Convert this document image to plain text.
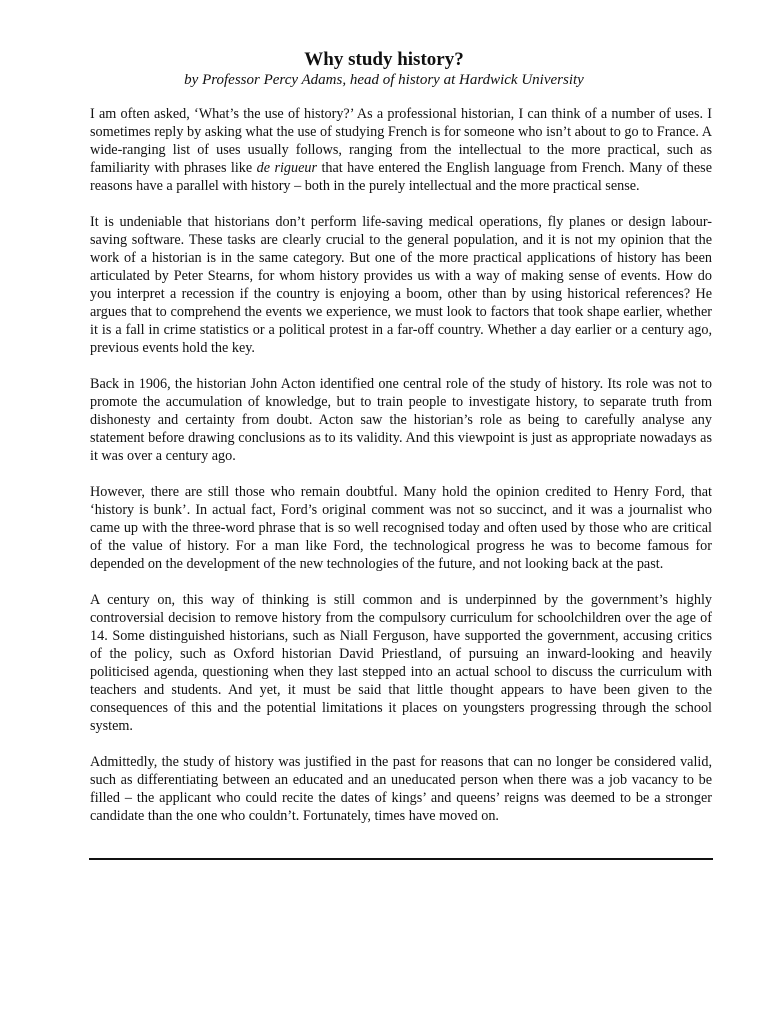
Why study history?
by Professor Percy Adams, head of history at Hardwick University

I am often asked, ‘What’s the use of history?’ As a professional historian, I can think of a number of uses. I sometimes reply by asking what the use of studying French is for someone who isn’t about to go to France. A wide-ranging list of uses usually follows, ranging from the intellectual to the more practical, such as familiarity with phrases like de rigueur that have entered the English language from French. Many of these reasons have a parallel with history – both in the purely intellectual and the more practical sense.

It is undeniable that historians don’t perform life-saving medical operations, fly planes or design labour-saving software. These tasks are clearly crucial to the general population, and it is not my opinion that the work of a historian is in the same category. But one of the more practical applications of history has been articulated by Peter Stearns, for whom history provides us with a way of making sense of events. How do you interpret a recession if the country is enjoying a boom, other than by using historical references? He argues that to comprehend the events we experience, we must look to factors that took shape earlier, whether it is a fall in crime statistics or a political protest in a far-off country. Whether a day earlier or a century ago, previous events hold the key.

Back in 1906, the historian John Acton identified one central role of the study of history. Its role was not to promote the accumulation of knowledge, but to train people to investigate history, to separate truth from dishonesty and certainty from doubt. Acton saw the historian’s role as being to carefully analyse any statement before drawing conclusions as to its validity. And this viewpoint is just as appropriate nowadays as it was over a century ago.

However, there are still those who remain doubtful. Many hold the opinion credited to Henry Ford, that ‘history is bunk’. In actual fact, Ford’s original comment was not so succinct, and it was a journalist who came up with the three-word phrase that is so well recognised today and often used by those who are critical of the value of history. For a man like Ford, the technological progress he was to become famous for depended on the development of the new technologies of the future, and not looking back at the past.

A century on, this way of thinking is still common and is underpinned by the government’s highly controversial decision to remove history from the compulsory curriculum for schoolchildren over the age of 14. Some distinguished historians, such as Niall Ferguson, have supported the government, accusing critics of the policy, such as Oxford historian David Priestland, of pursuing an inward-looking and heavily politicised agenda, questioning when they last stepped into an actual school to discuss the curriculum with teachers and students. And yet, it must be said that little thought appears to have been given to the consequences of this and the potential limitations it places on youngsters progressing through the school system.

Admittedly, the study of history was justified in the past for reasons that can no longer be considered valid, such as differentiating between an educated and an uneducated person when there was a job vacancy to be filled – the applicant who could recite the dates of kings’ and queens’ reigns was deemed to be a stronger candidate than the one who couldn’t. Fortunately, times have moved on.
